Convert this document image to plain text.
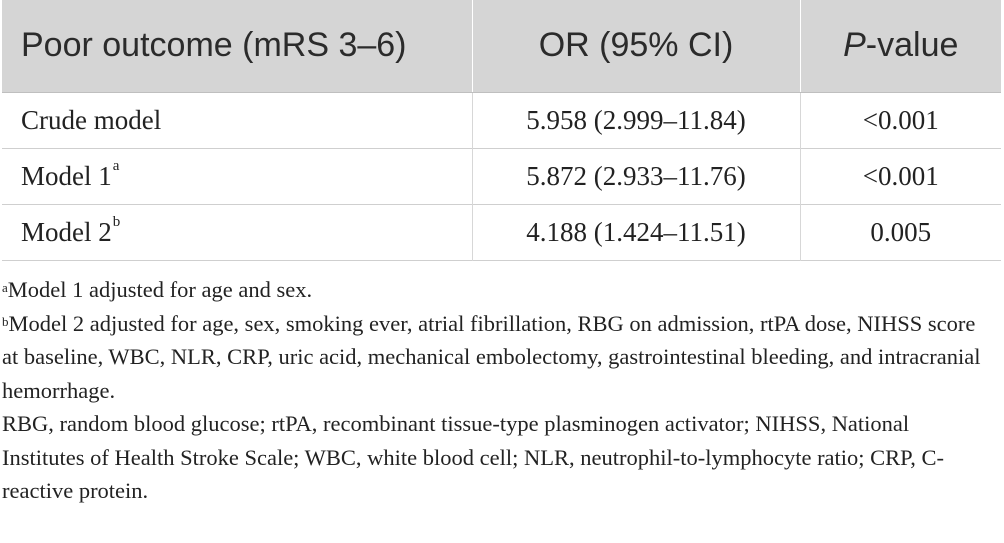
Poor outcome (mRS 3–6)	OR (95% CI)	P-value
Crude model	5.958 (2.999–11.84)	<0.001
Model 1$^a$	5.872 (2.933–11.76)	<0.001
Model 2$^b$	4.188 (1.424–11.51)	0.005

$^a$Model 1 adjusted for age and sex.

$^b$Model 2 adjusted for age, sex, smoking ever, atrial fibrillation, RBG on admission, rtPA dose, NIHSS score at baseline, WBC, NLR, CRP, uric acid, mechanical embolectomy, gastrointestinal bleeding, and intracranial hemorrhage.

RBG, random blood glucose; rtPA, recombinant tissue-type plasminogen activator; NIHSS, National Institutes of Health Stroke Scale; WBC, white blood cell; NLR, neutrophil-to-lymphocyte ratio; CRP, C-reactive protein.
